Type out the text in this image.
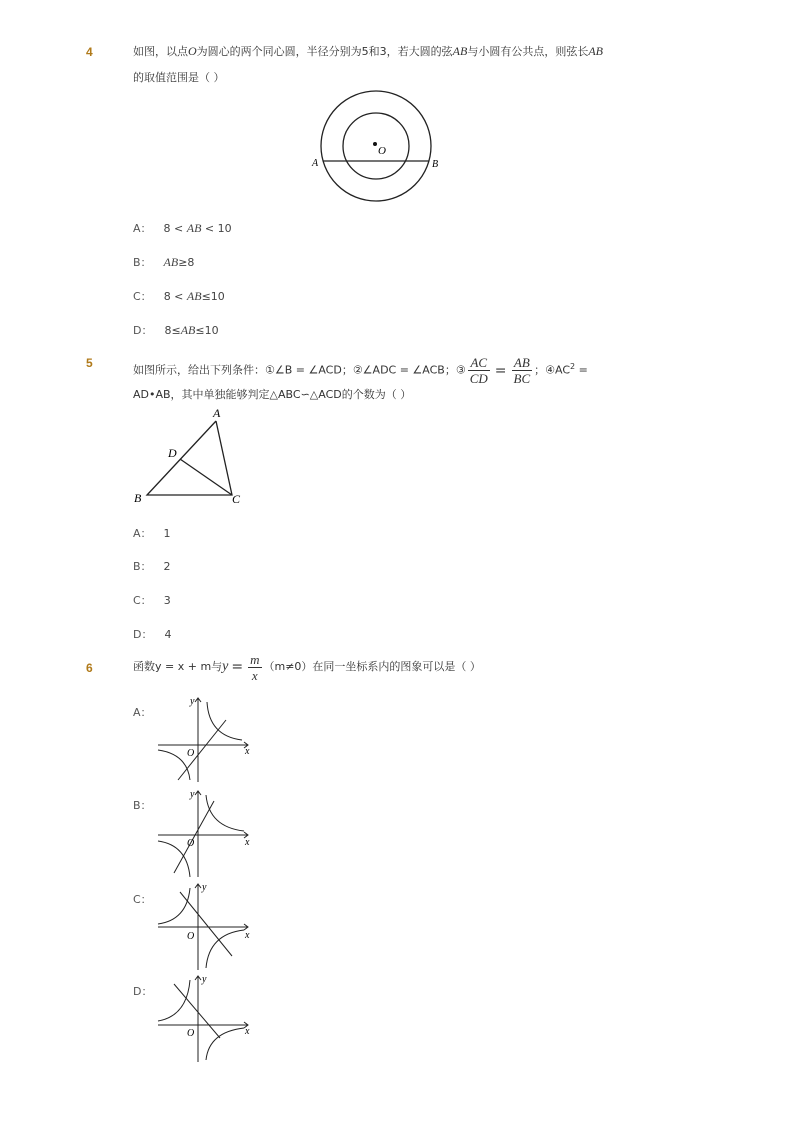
4	如图，以点O为圆心的两个同心圆，半径分别为5和3，若大圆的弦AB与小圆有公共点，则弦长AB
的取值范围是（ ）
O
A	B
A： 8 < AB < 10
B： AB≥8
C： 8 < AB≤10
D： 8≤AB≤10
5
如图所示，给出下列条件：①∠B = ∠ACD；②∠ADC = ∠ACB；③ $\frac{AC}{CD} = \frac{AB}{BC}$ ；$④AC^2$ =
AD•AB，其中单独能够判定△ABC∽△ACD的个数为（ ）
A
D
B	C
A： 1
B： 2
C： 3
D： 4
6	函数y = x + m与$y = \frac{m}{x} (m\ne 0)$在同一坐标系内的图象可以是（ ）
A：
y
x
O
B：
y
x
O
C：
y
x
O
D：
y
x
O
